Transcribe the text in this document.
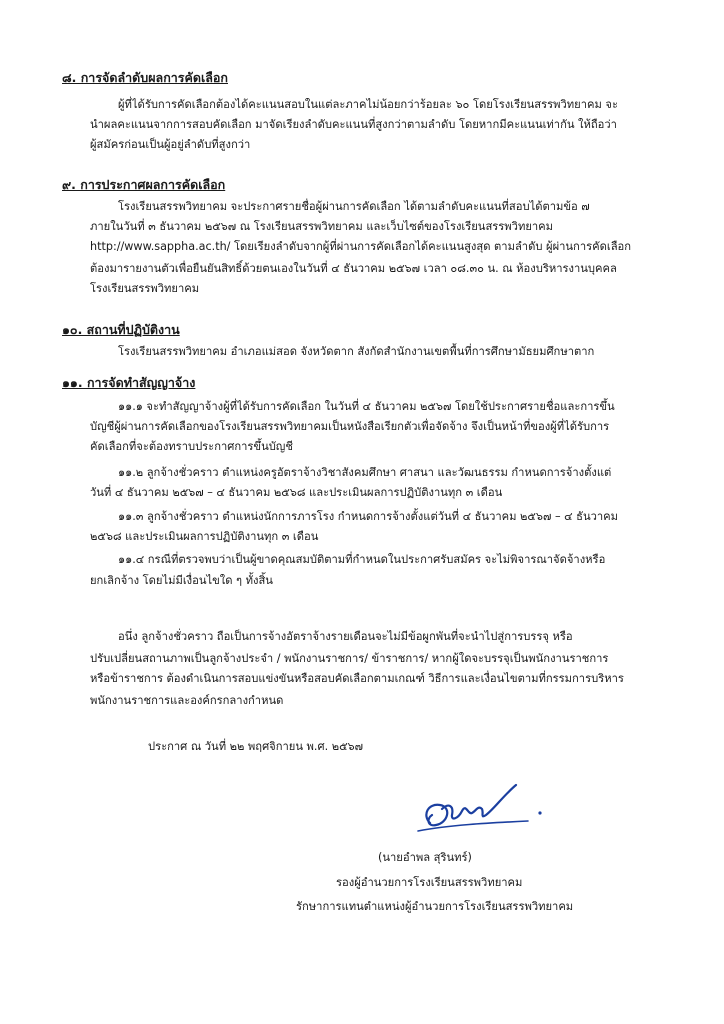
๘. การจัดลำดับผลการคัดเลือก
ผู้ที่ได้รับการคัดเลือกต้องได้คะแนนสอบในแต่ละภาคไม่น้อยกว่าร้อยละ ๖๐ โดยโรงเรียนสรรพวิทยาคม จะ
นำผลคะแนนจากการสอบคัดเลือก มาจัดเรียงลำดับคะแนนที่สูงกว่าตามลำดับ โดยหากมีคะแนนเท่ากัน ให้ถือว่า
ผู้สมัครก่อนเป็นผู้อยู่ลำดับที่สูงกว่า
๙. การประกาศผลการคัดเลือก
โรงเรียนสรรพวิทยาคม จะประกาศรายชื่อผู้ผ่านการคัดเลือก ได้ตามลำดับคะแนนที่สอบได้ตามข้อ ๗
ภายในวันที่ ๓ ธันวาคม ๒๕๖๗ ณ โรงเรียนสรรพวิทยาคม และเว็บไซต์ของโรงเรียนสรรพวิทยาคม
http://www.sappha.ac.th/ โดยเรียงลำดับจากผู้ที่ผ่านการคัดเลือกได้คะแนนสูงสุด ตามลำดับ ผู้ผ่านการคัดเลือก
ต้องมารายงานตัวเพื่อยืนยันสิทธิ์ด้วยตนเองในวันที่ ๔ ธันวาคม ๒๕๖๗ เวลา ๐๘.๓๐ น. ณ ห้องบริหารงานบุคคล
โรงเรียนสรรพวิทยาคม
๑๐. สถานที่ปฏิบัติงาน
โรงเรียนสรรพวิทยาคม อำเภอแม่สอด จังหวัดตาก สังกัดสำนักงานเขตพื้นที่การศึกษามัธยมศึกษาตาก
๑๑. การจัดทำสัญญาจ้าง
๑๑.๑ จะทำสัญญาจ้างผู้ที่ได้รับการคัดเลือก ในวันที่ ๔ ธันวาคม ๒๕๖๗ โดยใช้ประกาศรายชื่อและการขึ้น
บัญชีผู้ผ่านการคัดเลือกของโรงเรียนสรรพวิทยาคมเป็นหนังสือเรียกตัวเพื่อจัดจ้าง จึงเป็นหน้าที่ของผู้ที่ได้รับการ
คัดเลือกที่จะต้องทราบประกาศการขึ้นบัญชี
๑๑.๒ ลูกจ้างชั่วคราว ตำแหน่งครูอัตราจ้างวิชาสังคมศึกษา ศาสนา และวัฒนธรรม กำหนดการจ้างตั้งแต่
วันที่ ๔ ธันวาคม ๒๕๖๗ – ๔ ธันวาคม ๒๕๖๘ และประเมินผลการปฏิบัติงานทุก ๓ เดือน
๑๑.๓ ลูกจ้างชั่วคราว ตำแหน่งนักการภารโรง กำหนดการจ้างตั้งแต่วันที่ ๔ ธันวาคม ๒๕๖๗ – ๔ ธันวาคม
๒๕๖๘ และประเมินผลการปฏิบัติงานทุก ๓ เดือน
๑๑.๔ กรณีที่ตรวจพบว่าเป็นผู้ขาดคุณสมบัติตามที่กำหนดในประกาศรับสมัคร จะไม่พิจารณาจัดจ้างหรือ
ยกเลิกจ้าง โดยไม่มีเงื่อนไขใด ๆ ทั้งสิ้น
อนึ่ง ลูกจ้างชั่วคราว ถือเป็นการจ้างอัตราจ้างรายเดือนจะไม่มีข้อผูกพันที่จะนำไปสู่การบรรจุ หรือ
ปรับเปลี่ยนสถานภาพเป็นลูกจ้างประจำ / พนักงานราชการ/ ข้าราชการ/ หากผู้ใดจะบรรจุเป็นพนักงานราชการ
หรือข้าราชการ ต้องดำเนินการสอบแข่งขันหรือสอบคัดเลือกตามเกณฑ์ วิธีการและเงื่อนไขตามที่กรรมการบริหาร
พนักงานราชการและองค์กรกลางกำหนด
ประกาศ ณ วันที่ ๒๒ พฤศจิกายน พ.ศ. ๒๕๖๗
(นายอำพล สุรินทร์)
รองผู้อำนวยการโรงเรียนสรรพวิทยาคม
รักษาการแทนตำแหน่งผู้อำนวยการโรงเรียนสรรพวิทยาคม
